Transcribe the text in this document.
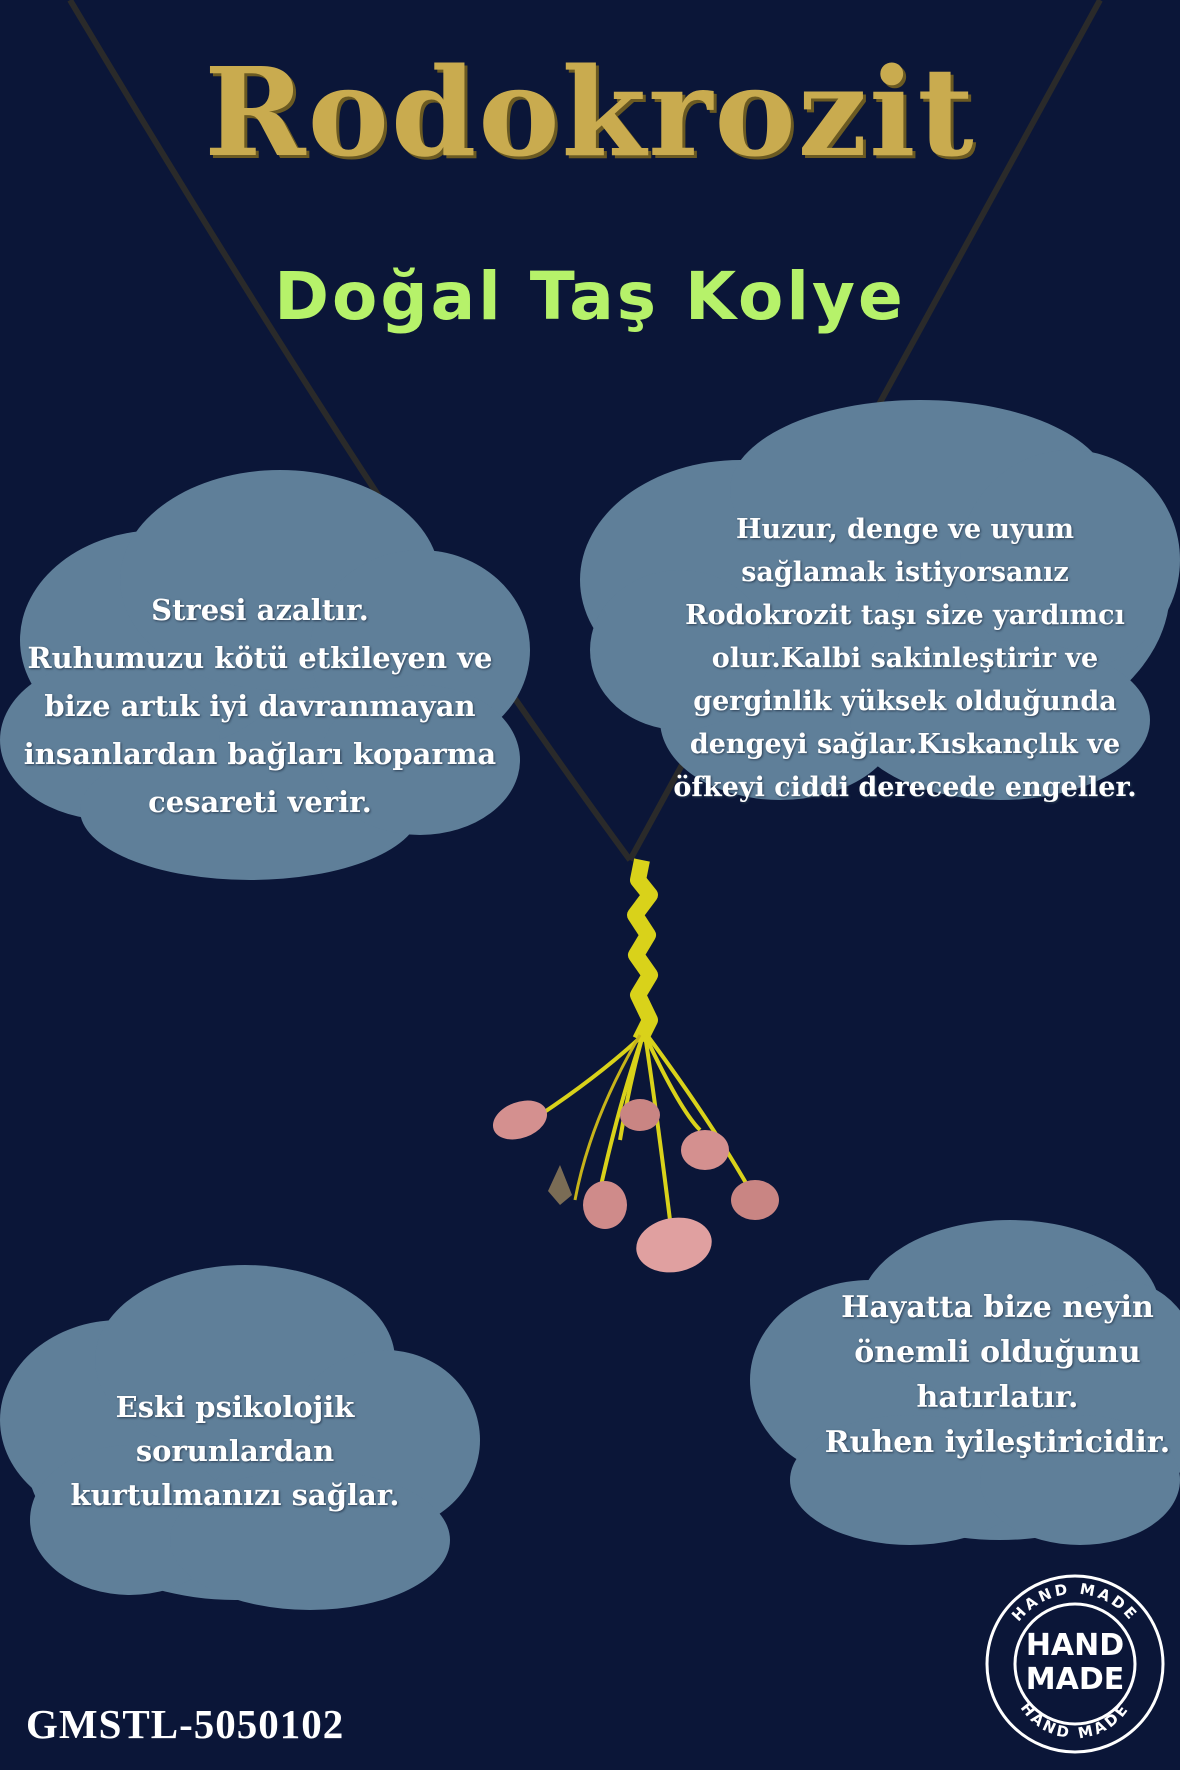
Rodokrozit
Doğal Taş Kolye
Stresi azaltır.
Ruhumuzu kötü etkileyen ve bize artık iyi davranmayan insanlardan bağları koparma cesareti verir.
Huzur, denge ve uyum sağlamak istiyorsanız Rodokrozit taşı size yardımcı olur.Kalbi sakinleştirir ve gerginlik yüksek olduğunda dengeyi sağlar.Kıskançlık ve öfkeyi ciddi derecede engeller.
Eski psikolojik sorunlardan kurtulmanızı sağlar.
Hayatta bize neyin önemli olduğunu hatırlatır.
Ruhen iyileştiricidir.
GMSTL-5050102
HAND MADE
HAND MADE
HAND
MADE
